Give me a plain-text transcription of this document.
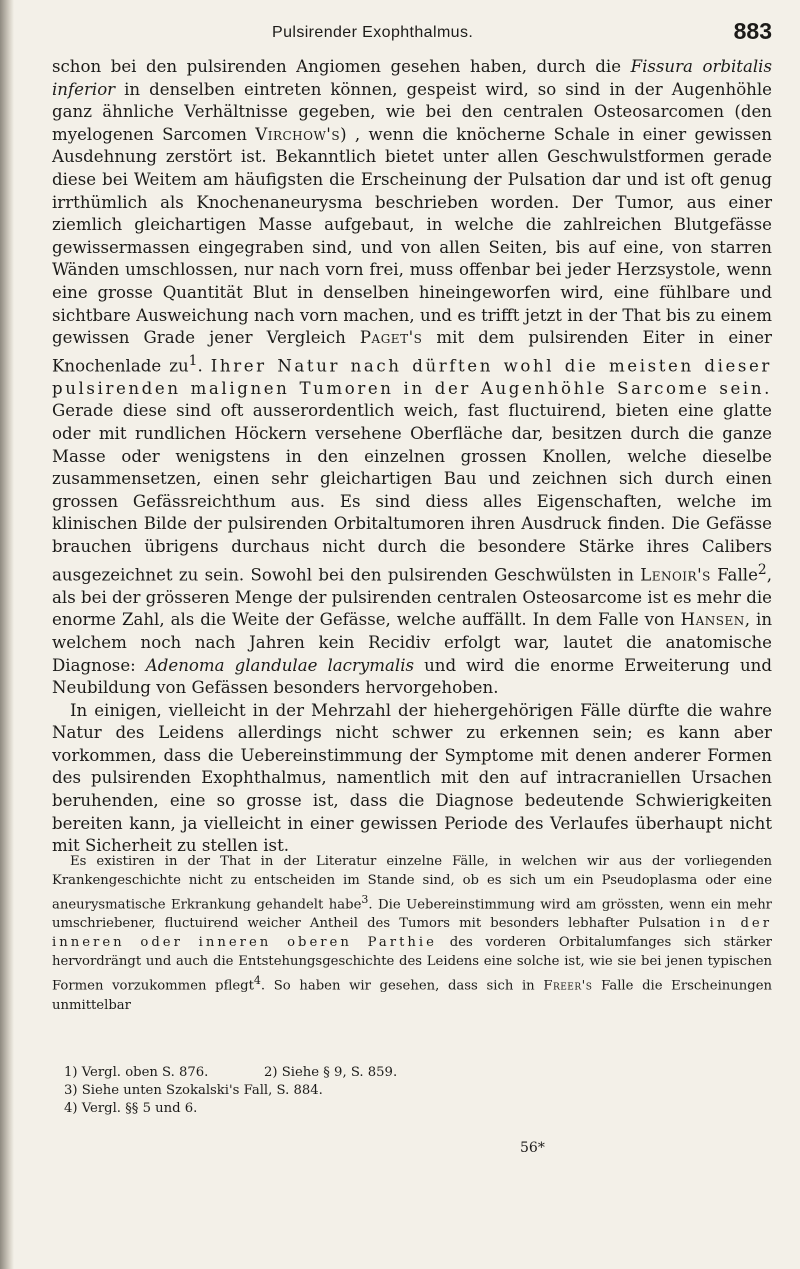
Pulsirender Exophthalmus.	883

schon bei den pulsirenden Angiomen gesehen haben, durch die Fissura orbitalis inferior in denselben eintreten können, gespeist wird, so sind in der Augenhöhle ganz ähnliche Verhältnisse gegeben, wie bei den centralen Osteosarcomen (den myelogenen Sarcomen Virchow's) , wenn die knöcherne Schale in einer gewissen Ausdehnung zerstört ist. Bekanntlich bietet unter allen Geschwulstformen gerade diese bei Weitem am häufigsten die Erscheinung der Pulsation dar und ist oft genug irrthümlich als Knochenaneurysma beschrieben worden. Der Tumor, aus einer ziemlich gleichartigen Masse aufgebaut, in welche die zahlreichen Blutgefässe gewissermassen eingegraben sind, und von allen Seiten, bis auf eine, von starren Wänden umschlossen, nur nach vorn frei, muss offenbar bei jeder Herzsystole, wenn eine grosse Quantität Blut in denselben hineingeworfen wird, eine fühlbare und sichtbare Ausweichung nach vorn machen, und es trifft jetzt in der That bis zu einem gewissen Grade jener Vergleich Paget's mit dem pulsirenden Eiter in einer Knochenlade $zu^1$. Ihrer Natur nach dürften wohl die meisten dieser pulsirenden malignen Tumoren in der Augenhöhle Sarcome sein. Gerade diese sind oft ausserordentlich weich, fast fluctuirend, bieten eine glatte oder mit rundlichen Höckern versehene Oberfläche dar, besitzen durch die ganze Masse oder wenigstens in den einzelnen grossen Knollen, welche dieselbe zusammensetzen, einen sehr gleichartigen Bau und zeichnen sich durch einen grossen Gefässreichthum aus. Es sind diess alles Eigenschaften, welche im klinischen Bilde der pulsirenden Orbitaltumoren ihren Ausdruck finden. Die Gefässe brauchen übrigens durchaus nicht durch die besondere Stärke ihres Calibers ausgezeichnet zu sein. Sowohl bei den pulsirenden Geschwülsten in Lenoir's Falle$^2$, als bei der grösseren Menge der pulsirenden centralen Osteosarcome ist es mehr die enorme Zahl, als die Weite der Gefässe, welche auffällt. In dem Falle von Hansen, in welchem noch nach Jahren kein Recidiv erfolgt war, lautet die anatomische Diagnose: Adenoma glandulae lacrymalis und wird die enorme Erweiterung und Neubildung von Gefässen besonders hervorgehoben.

In einigen, vielleicht in der Mehrzahl der hiehergehörigen Fälle dürfte die wahre Natur des Leidens allerdings nicht schwer zu erkennen sein; es kann aber vorkommen, dass die Uebereinstimmung der Symptome mit denen anderer Formen des pulsirenden Exophthalmus, namentlich mit den auf intracraniellen Ursachen beruhenden, eine so grosse ist, dass die Diagnose bedeutende Schwierigkeiten bereiten kann, ja vielleicht in einer gewissen Periode des Verlaufes überhaupt nicht mit Sicherheit zu stellen ist.

Es existiren in der That in der Literatur einzelne Fälle, in welchen wir aus der vorliegenden Krankengeschichte nicht zu entscheiden im Stande sind, ob es sich um ein Pseudoplasma oder eine aneurysmatische Erkrankung gehandelt habe$^3$. Die Uebereinstimmung wird am grössten, wenn ein mehr umschriebener, fluctuirend weicher Antheil des Tumors mit besonders lebhafter Pulsation in der inneren oder inneren oberen Parthie des vorderen Orbitalumfanges sich stärker hervordrängt und auch die Entstehungsgeschichte des Leidens eine solche ist, wie sie bei jenen typischen Formen vorzukommen pflegt$^4$. So haben wir gesehen, dass sich in Freer's Falle die Erscheinungen unmittelbar

1) Vergl. oben S. 876.	2) Siehe § 9, S. 859.
3) Siehe unten Szokalski's Fall, S. 884.
4) Vergl. §§ 5 und 6.
56*
